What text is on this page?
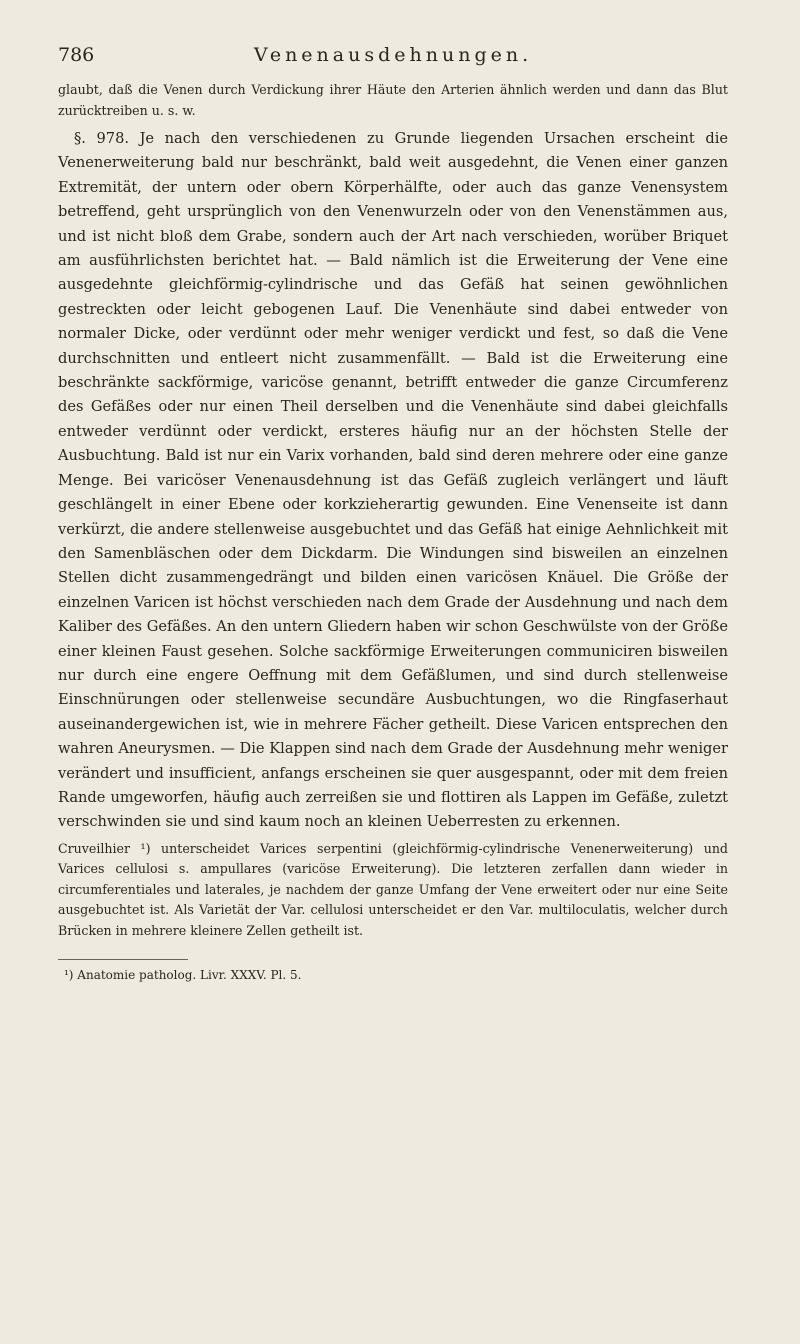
786	Venenausdehnungen.

glaubt, daß die Venen durch Verdickung ihrer Häute den Arterien ähnlich werden und dann das Blut zurücktreiben u. s. w.

§. 978. Je nach den verschiedenen zu Grunde liegenden Ursachen erscheint die Venenerweiterung bald nur beschränkt, bald weit ausgedehnt, die Venen einer ganzen Extremität, der untern oder obern Körperhälfte, oder auch das ganze Venensystem betreffend, geht ursprünglich von den Venenwurzeln oder von den Venenstämmen aus, und ist nicht bloß dem Grabe, sondern auch der Art nach verschieden, worüber Briquet am ausführlichsten berichtet hat. — Bald nämlich ist die Erweiterung der Vene eine ausgedehnte gleichförmig-cylindrische und das Gefäß hat seinen gewöhnlichen gestreckten oder leicht gebogenen Lauf. Die Venenhäute sind dabei entweder von normaler Dicke, oder verdünnt oder mehr weniger verdickt und fest, so daß die Vene durchschnitten und entleert nicht zusammenfällt. — Bald ist die Erweiterung eine beschränkte sackförmige, varicöse genannt, betrifft entweder die ganze Circumferenz des Gefäßes oder nur einen Theil derselben und die Venenhäute sind dabei gleichfalls entweder verdünnt oder verdickt, ersteres häufig nur an der höchsten Stelle der Ausbuchtung. Bald ist nur ein Varix vorhanden, bald sind deren mehrere oder eine ganze Menge. Bei varicöser Venenausdehnung ist das Gefäß zugleich verlängert und läuft geschlängelt in einer Ebene oder korkzieherartig gewunden. Eine Venenseite ist dann verkürzt, die andere stellenweise ausgebuchtet und das Gefäß hat einige Aehnlichkeit mit den Samenbläschen oder dem Dickdarm. Die Windungen sind bisweilen an einzelnen Stellen dicht zusammengedrängt und bilden einen varicösen Knäuel. Die Größe der einzelnen Varicen ist höchst verschieden nach dem Grade der Ausdehnung und nach dem Kaliber des Gefäßes. An den untern Gliedern haben wir schon Geschwülste von der Größe einer kleinen Faust gesehen. Solche sackförmige Erweiterungen communiciren bisweilen nur durch eine engere Oeffnung mit dem Gefäßlumen, und sind durch stellenweise Einschnürungen oder stellenweise secundäre Ausbuchtungen, wo die Ringfaserhaut auseinandergewichen ist, wie in mehrere Fächer getheilt. Diese Varicen entsprechen den wahren Aneurysmen. — Die Klappen sind nach dem Grade der Ausdehnung mehr weniger verändert und insufficient, anfangs erscheinen sie quer ausgespannt, oder mit dem freien Rande umgeworfen, häufig auch zerreißen sie und flottiren als Lappen im Gefäße, zuletzt verschwinden sie und sind kaum noch an kleinen Ueberresten zu erkennen.

Cruveilhier ¹) unterscheidet Varices serpentini (gleichförmig-cylindrische Venenerweiterung) und Varices cellulosi s. ampullares (varicöse Erweiterung). Die letzteren zerfallen dann wieder in circumferentiales und laterales, je nachdem der ganze Umfang der Vene erweitert oder nur eine Seite ausgebuchtet ist. Als Varietät der Var. cellulosi unterscheidet er den Var. multiloculatis, welcher durch Brücken in mehrere kleinere Zellen getheilt ist.

¹) Anatomie patholog. Livr. XXXV. Pl. 5.
